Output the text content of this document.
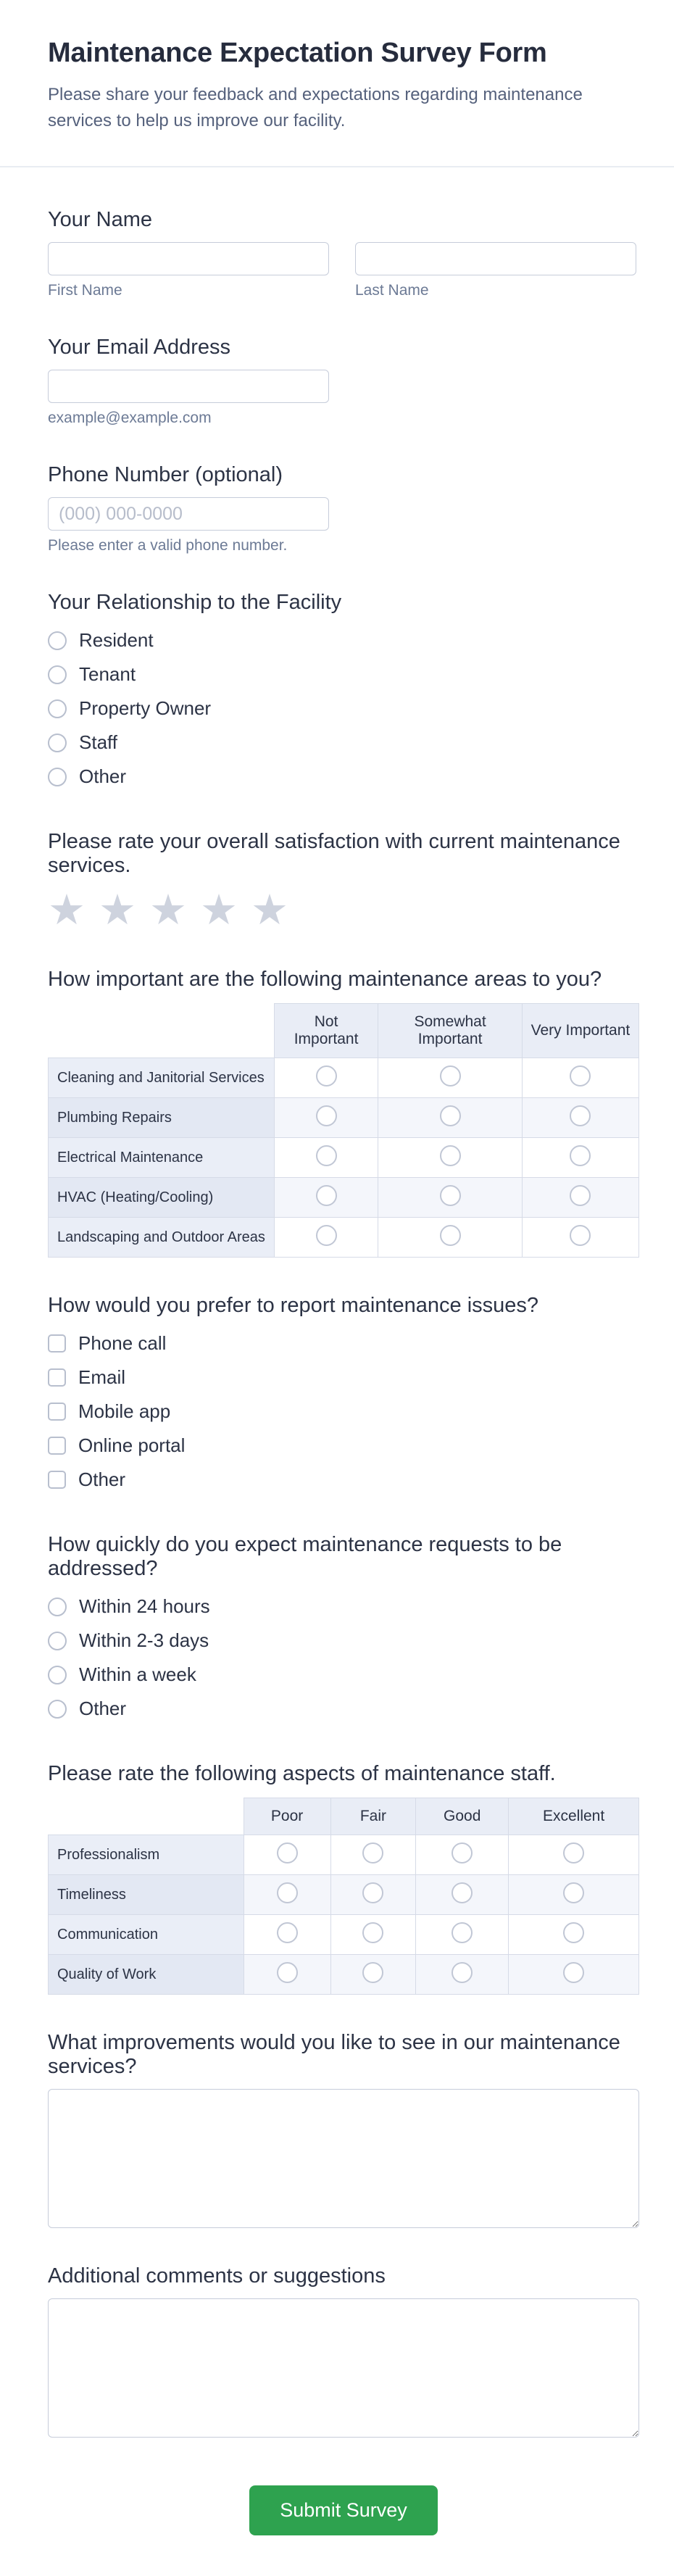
Maintenance Expectation Survey Form

Please share your feedback and expectations regarding maintenance services to help us improve our facility.

Your Name
First Name	Last Name
Your Email Address
example@example.com
Phone Number (optional)
(000) 000-0000
Please enter a valid phone number.
Your Relationship to the Facility
Resident
Tenant
Property Owner
Staff
Other
Please rate your overall satisfaction with current maintenance services.
★ ★ ★ ★ ★
How important are the following maintenance areas to you?
	Not Important	Somewhat Important	Very Important
Cleaning and Janitorial Services			
Plumbing Repairs			
Electrical Maintenance			
HVAC (Heating/Cooling)			
Landscaping and Outdoor Areas			
How would you prefer to report maintenance issues?
Phone call
Email
Mobile app
Online portal
Other
How quickly do you expect maintenance requests to be addressed?
Within 24 hours
Within 2-3 days
Within a week
Other
Please rate the following aspects of maintenance staff.
	Poor	Fair	Good	Excellent
Professionalism				
Timeliness				
Communication				
Quality of Work				
What improvements would you like to see in our maintenance services?
Additional comments or suggestions
Submit Survey
